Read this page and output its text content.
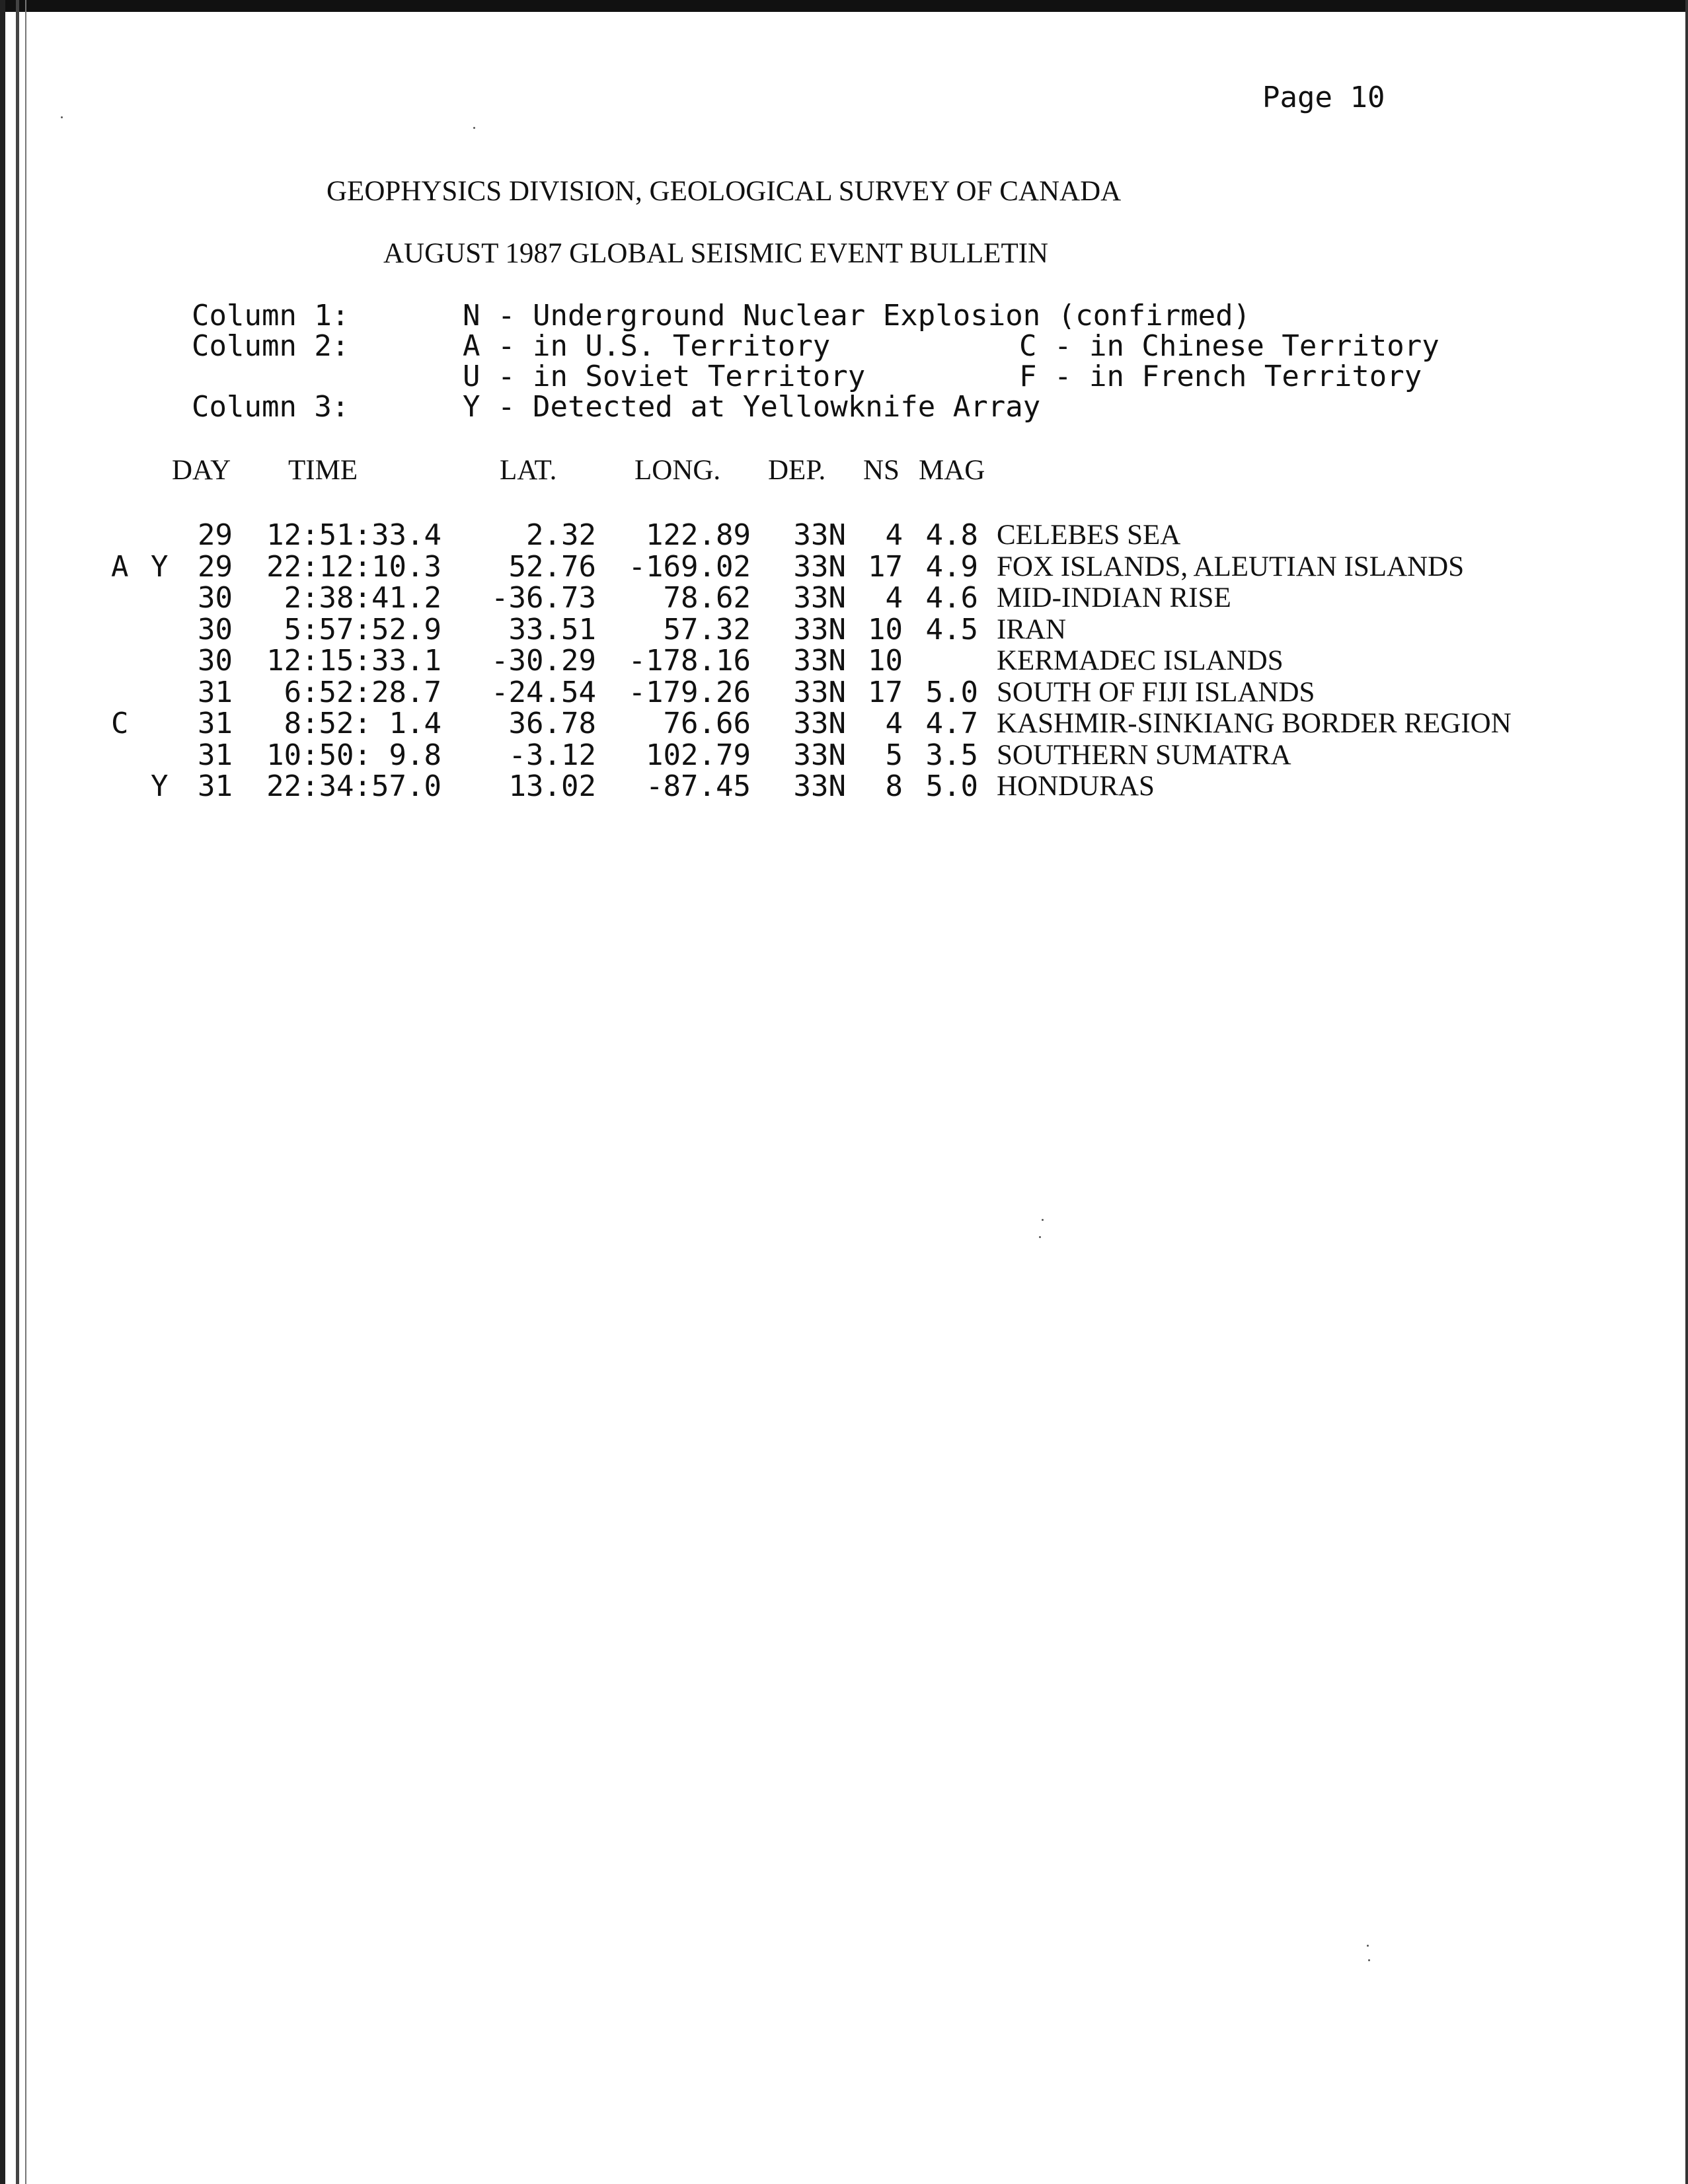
Page 10
GEOPHYSICS DIVISION, GEOLOGICAL SURVEY OF CANADA
AUGUST 1987 GLOBAL SEISMIC EVENT BULLETIN
Column 1:	N - Underground Nuclear Explosion (confirmed)
Column 2:	A - in U.S. Territory	C - in Chinese Territory
U - in Soviet Territory	F - in French Territory
Column 3:	Y - Detected at Yellowknife Array
DAY TIME	LAT.	LONG. DEP. NS MAG
29	12:51:33.4	2.32	122.89	33N	4 4.8 CELEBES SEA
A Y	29	22:12:10.3	52.76	-169.02	33N 17 4.9 FOX ISLANDS, ALEUTIAN ISLANDS
30	2:38:41.2	-36.73	78.62	33N	4 4.6 MID-INDIAN RISE
30	5:57:52.9	33.51	57.32	33N 10 4.5 IRAN
30	12:15:33.1	-30.29	-178.16	33N 10	KERMADEC ISLANDS
31	6:52:28.7	-24.54	-179.26	33N 17 5.0 SOUTH OF FIJI ISLANDS
C	31	8:52: 1.4	36.78	76.66	33N	4 4.7 KASHMIR-SINKIANG BORDER REGION
31	10:50: 9.8	-3.12	102.79	33N	5 3.5 SOUTHERN SUMATRA
Y	31	22:34:57.0	13.02	-87.45	33N	8 5.0 HONDURAS
